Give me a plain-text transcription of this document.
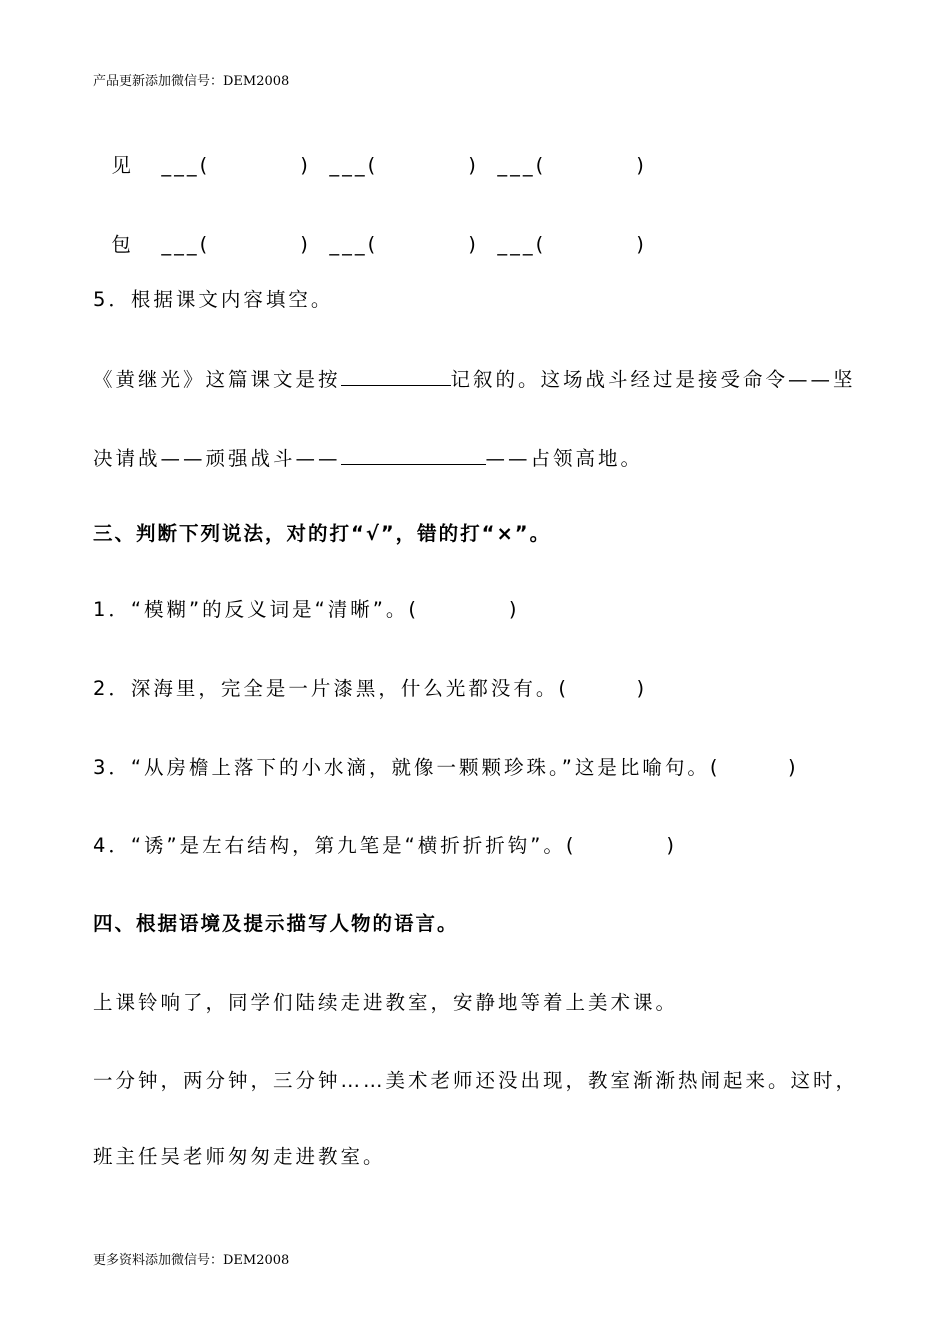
产品更新添加微信号：DEM2008

见 ___(　　　　) ___(　　　　) ___(　　　　)

包 ___(　　　　) ___(　　　　) ___(　　　　)

5．根据课文内容填空。
《黄继光》这篇课文是按	记叙的。这场战斗经过是接受命令——坚
决请战——顽强战斗——	——占领高地。
三、判断下列说法，对的打“√”，错的打“×”。
1．“模糊”的反义词是“清晰”。(　　　　)
2．深海里，完全是一片漆黑，什么光都没有。(　　　)
3．“从房檐上落下的小水滴，就像一颗颗珍珠。”这是比喻句。(　　　)
4．“诱”是左右结构，第九笔是“横折折折钩”。(　　　　)
四、根据语境及提示描写人物的语言。
上课铃响了，同学们陆续走进教室，安静地等着上美术课。
一分钟，两分钟，三分钟……美术老师还没出现，教室渐渐热闹起来。这时，
班主任吴老师匆匆走进教室。
更多资料添加微信号：DEM2008
